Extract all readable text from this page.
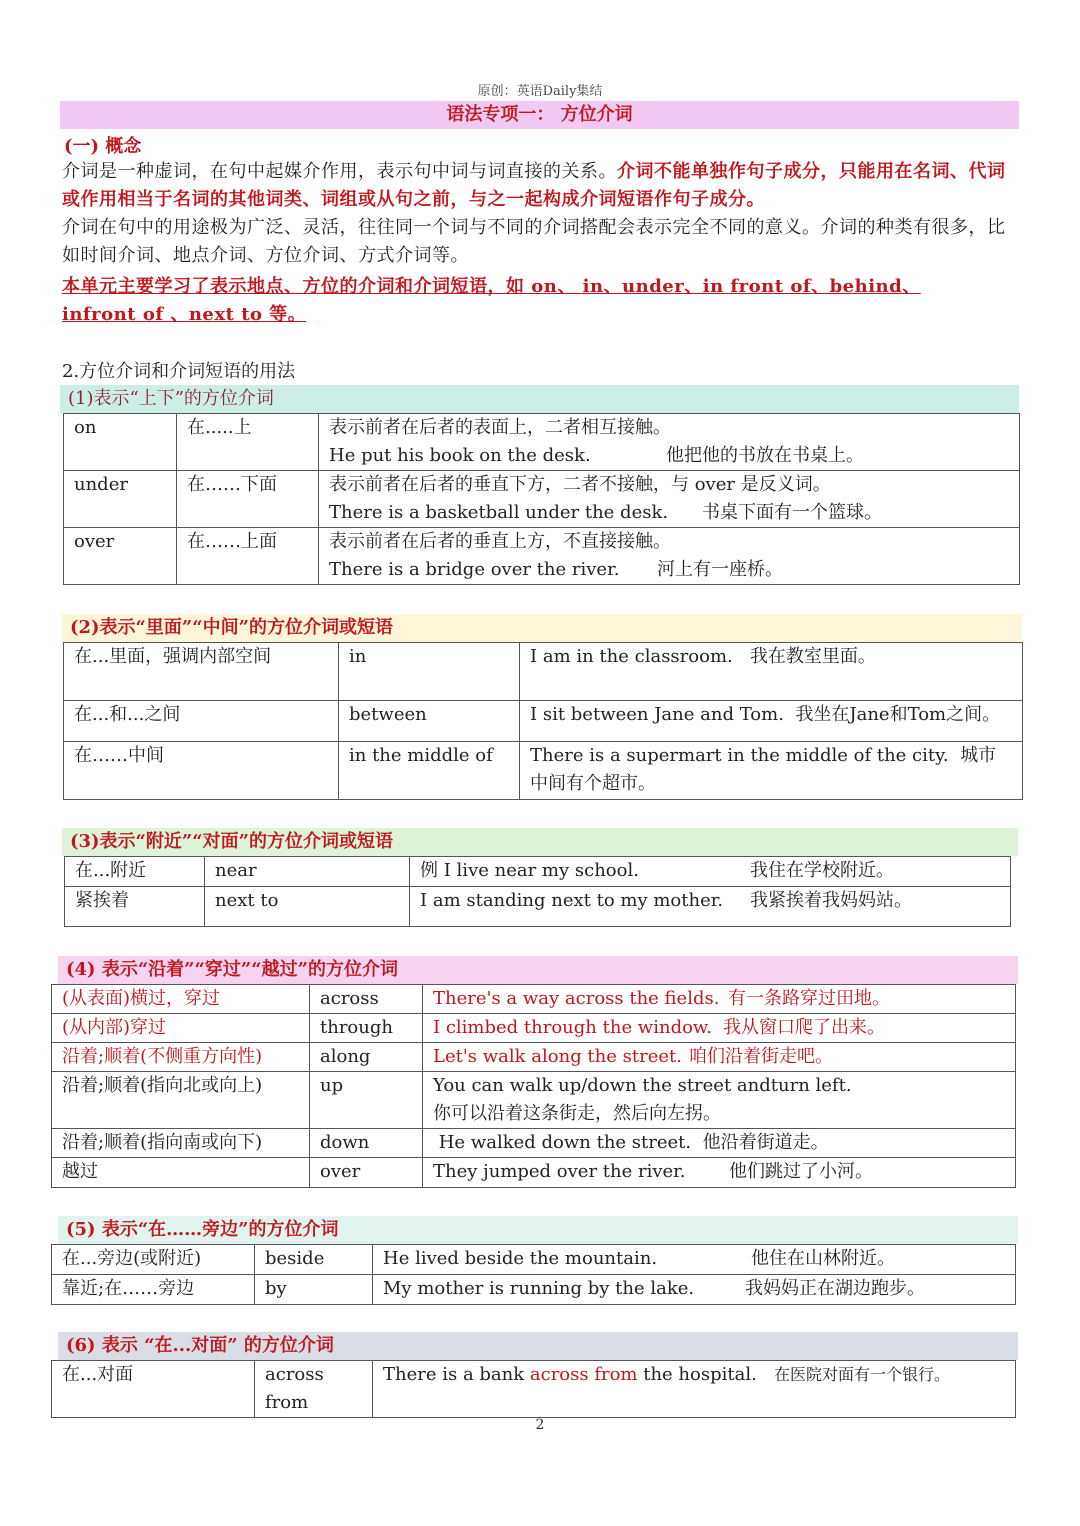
原创：英语Daily集结
语法专项一： 方位介词
(一) 概念
介词是一种虚词，在句中起媒介作用，表示句中词与词直接的关系。介词不能单独作句子成分，只能用在名词、代词或作用相当于名词的其他词类、词组或从句之前，与之一起构成介词短语作句子成分。
介词在句中的用途极为广泛、灵活，往往同一个词与不同的介词搭配会表示完全不同的意义。介词的种类有很多，比如时间介词、地点介词、方位介词、方式介词等。
本单元主要学习了表示地点、方位的介词和介词短语，如 on、 in、under、in front of、behind、infront of 、next to 等。
2.方位介词和介词短语的用法
(1)表示“上下”的方位介词
on	在.....上	表示前者在后者的表面上，二者相互接触。
He put his book on the desk. 他把他的书放在书桌上。

under	在……下面	表示前者在后者的垂直下方，二者不接触，与 over 是反义词。
There is a basketball under the desk. 书桌下面有一个篮球。

over	在……上面	表示前者在后者的垂直上方，不直接接触。
There is a bridge over the river. 河上有一座桥。
(2)表示“里面”“中间”的方位介词或短语
在...里面，强调内部空间	in	I am in the classroom. 我在教室里面。
在...和...之间	between	I sit between Jane and Tom. 我坐在Jane和Tom之间。
在……中间	in the middle of	There is a supermart in the middle of the city. 城市中间有个超市。
(3)表示“附近”“对面”的方位介词或短语
在...附近	near	例 I live near my school. 我住在学校附近。
紧挨着	next to	I am standing next to my mother. 我紧挨着我妈妈站。
(4) 表示“沿着”“穿过”“越过”的方位介词
(从表面)横过，穿过	across	There's a way across the fields. 有一条路穿过田地。
(从内部)穿过	through	I climbed through the window. 我从窗口爬了出来。
沿着;顺着(不侧重方向性)	along	Let's walk along the street. 咱们沿着街走吧。
沿着;顺着(指向北或向上)	up	You can walk up/down the street andturn left.
你可以沿着这条街走，然后向左拐。

沿着;顺着(指向南或向下)	down	He walked down the street. 他沿着街道走。
越过	over	They jumped over the river. 他们跳过了小河。
(5) 表示“在……旁边”的方位介词
在...旁边(或附近)	beside	He lived beside the mountain. 他住在山林附近。
靠近;在……旁边	by	My mother is running by the lake. 我妈妈正在湖边跑步。
(6) 表示 “在...对面” 的方位介词
在...对面	across from	There is a bank across from the hospital. 在医院对面有一个银行。
2
